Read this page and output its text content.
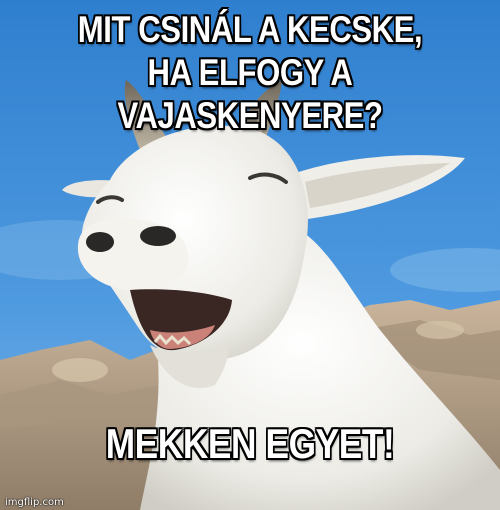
MIT CSINÁL A KECSKE,
HA ELFOGY A VAJASKENYERE?
MEKKEN EGYET!
imgflip.com
